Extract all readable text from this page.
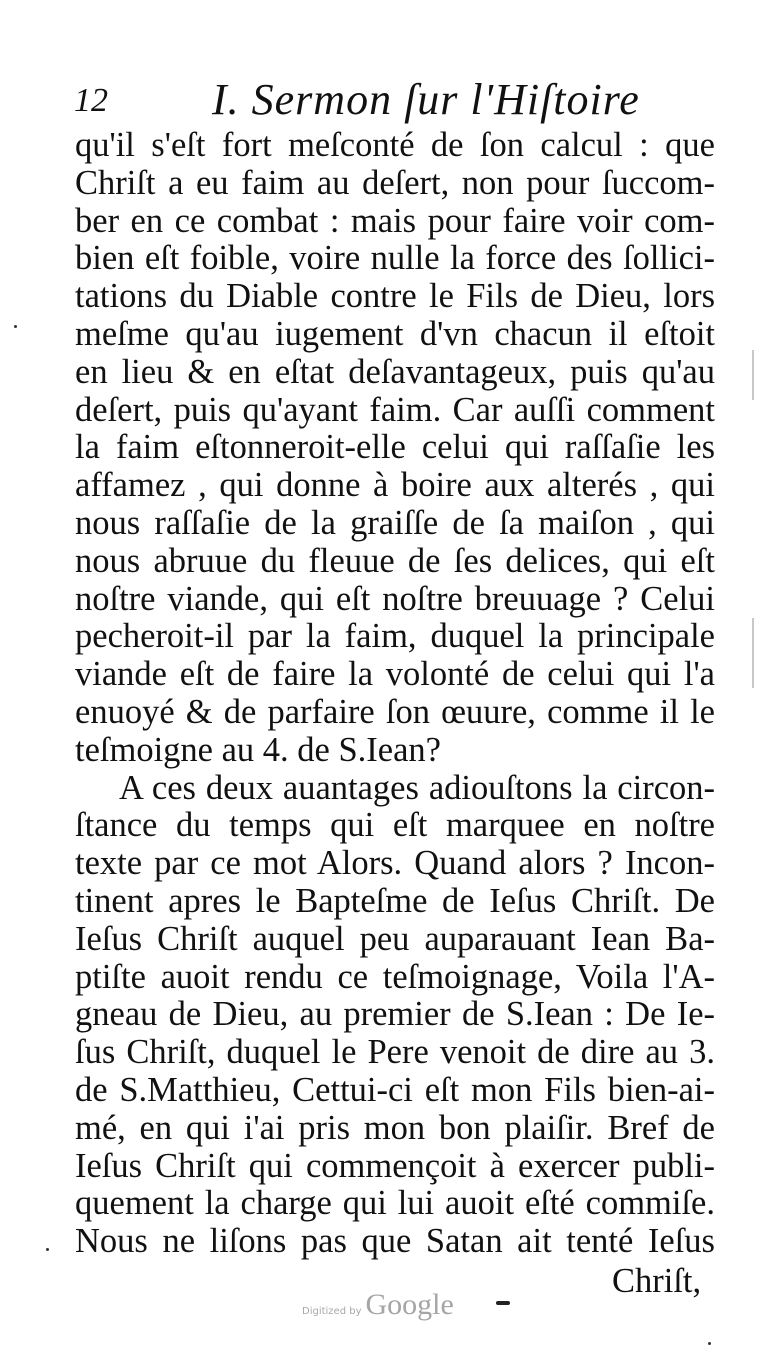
12 I. Sermon ſur l'Hiſtoire
qu'il s'eſt fort meſconté de ſon calcul : que
Chriſt a eu faim au deſert, non pour ſuccom-
ber en ce combat : mais pour faire voir com-
bien eſt foible, voire nulle la force des ſollici-
tations du Diable contre le Fils de Dieu, lors
meſme qu'au iugement d'vn chacun il eſtoit
en lieu & en eſtat deſavantageux, puis qu'au
deſert, puis qu'ayant faim. Car auſſi comment
la faim eſtonneroit-elle celui qui raſſaſie les
affamez , qui donne à boire aux alterés , qui
nous raſſaſie de la graiſſe de ſa maiſon , qui
nous abruue du fleuue de ſes delices, qui eſt
noſtre viande, qui eſt noſtre breuuage ? Celui
pecheroit-il par la faim, duquel la principale
viande eſt de faire la volonté de celui qui l'a
enuoyé & de parfaire ſon œuure, comme il le
teſmoigne au 4. de S.Iean?
A ces deux auantages adiouſtons la circon-
ſtance du temps qui eſt marquee en noſtre
texte par ce mot Alors. Quand alors ? Incon-
tinent apres le Bapteſme de Ieſus Chriſt. De
Ieſus Chriſt auquel peu auparauant Iean Ba-
ptiſte auoit rendu ce teſmoignage, Voila l'A-
gneau de Dieu, au premier de S.Iean : De Ie-
ſus Chriſt, duquel le Pere venoit de dire au 3.
de S.Matthieu, Cettui-ci eſt mon Fils bien-ai-
mé, en qui i'ai pris mon bon plaiſir. Bref de
Ieſus Chriſt qui commençoit à exercer publi-
quement la charge qui lui auoit eſté commiſe.
Nous ne liſons pas que Satan ait tenté Ieſus
Chriſt,
Digitized by Google
